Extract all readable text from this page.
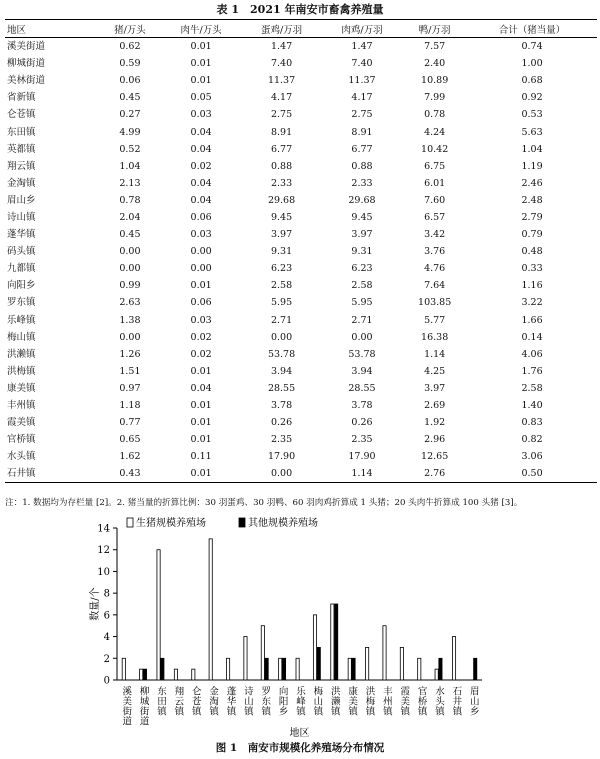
表 1　2021 年南安市畜禽养殖量
地区	猪/万头	肉牛/万头	蛋鸡/万羽	肉鸡/万羽	鸭/万羽	合计（猪当量）
溪美街道	0.62	0.01	1.47	1.47	7.57	0.74
柳城街道	0.59	0.01	7.40	7.40	2.40	1.00
美林街道	0.06	0.01	11.37	11.37	10.89	0.68
省新镇	0.45	0.05	4.17	4.17	7.99	0.92
仑苍镇	0.27	0.03	2.75	2.75	0.78	0.53
东田镇	4.99	0.04	8.91	8.91	4.24	5.63
英都镇	0.52	0.04	6.77	6.77	10.42	1.04
翔云镇	1.04	0.02	0.88	0.88	6.75	1.19
金淘镇	2.13	0.04	2.33	2.33	6.01	2.46
眉山乡	0.78	0.04	29.68	29.68	7.60	2.48
诗山镇	2.04	0.06	9.45	9.45	6.57	2.79
蓬华镇	0.45	0.03	3.97	3.97	3.42	0.79
码头镇	0.00	0.00	9.31	9.31	3.76	0.48
九都镇	0.00	0.00	6.23	6.23	4.76	0.33
向阳乡	0.99	0.01	2.58	2.58	7.64	1.16
罗东镇	2.63	0.06	5.95	5.95	103.85	3.22
乐峰镇	1.38	0.03	2.71	2.71	5.77	1.66
梅山镇	0.00	0.02	0.00	0.00	16.38	0.14
洪濑镇	1.26	0.02	53.78	53.78	1.14	4.06
洪梅镇	1.51	0.01	3.94	3.94	4.25	1.76
康美镇	0.97	0.04	28.55	28.55	3.97	2.58
丰州镇	1.18	0.01	3.78	3.78	2.69	1.40
霞美镇	0.77	0.01	0.26	0.26	1.92	0.83
官桥镇	0.65	0.01	2.35	2.35	2.96	0.82
水头镇	1.62	0.11	17.90	17.90	12.65	3.06
石井镇	0.43	0.01	0.00	1.14	2.76	0.50
注：1. 数据均为存栏量 [2]。2. 猪当量的折算比例：30 羽蛋鸡、30 羽鸭、60 羽肉鸡折算成 1 头猪；20 头肉牛折算成 100 头猪 [3]。
0
2
4
6
8
10
12
14
数量/个
溪美街道 柳城街道 东田镇 翔云镇 仑苍镇 金淘镇 蓬华镇 诗山镇 罗东镇 向阳乡 乐峰镇 梅山镇 洪濑镇 康美镇 洪梅镇 丰州镇 霞美镇 官桥镇 水头镇 石井镇 眉山乡
地区
生猪规模养殖场	其他规模养殖场
图 1　南安市规模化养殖场分布情况
